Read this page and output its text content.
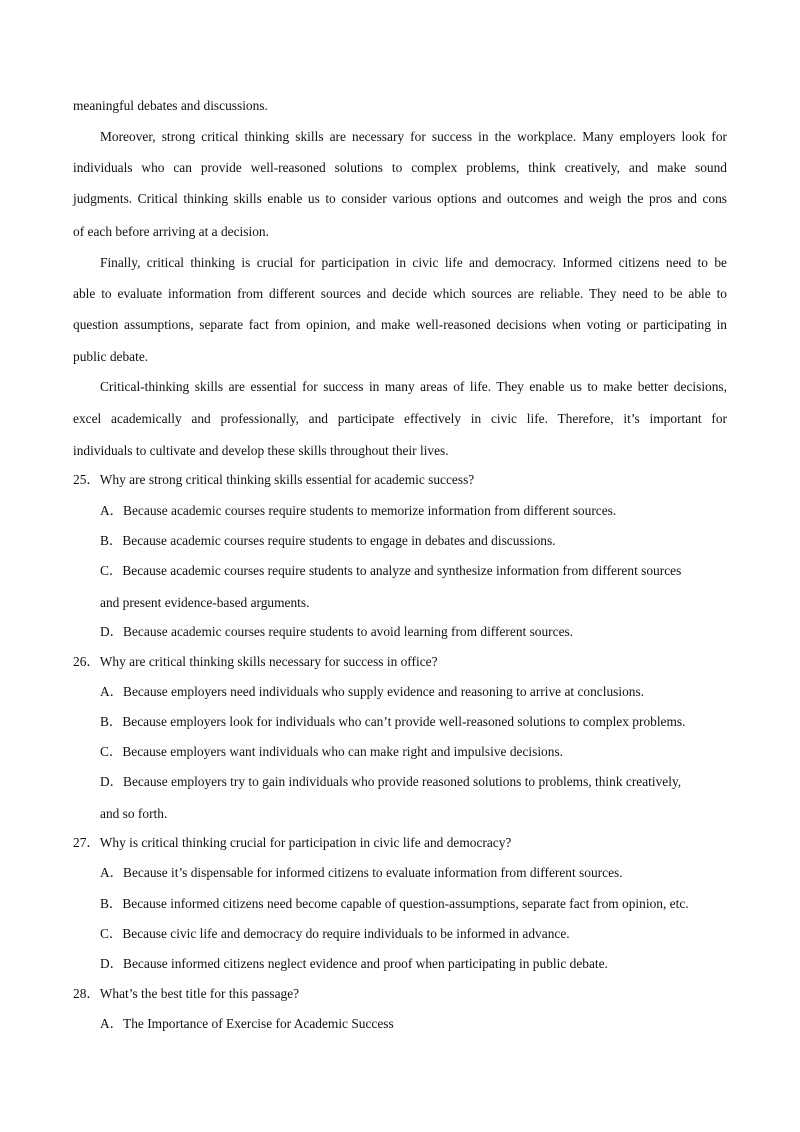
meaningful debates and discussions.
Moreover, strong critical thinking skills are necessary for success in the workplace. Many employers look for
individuals who can provide well-reasoned solutions to complex problems, think creatively, and make sound
judgments. Critical thinking skills enable us to consider various options and outcomes and weigh the pros and cons
of each before arriving at a decision.
Finally, critical thinking is crucial for participation in civic life and democracy. Informed citizens need to be
able to evaluate information from different sources and decide which sources are reliable. They need to be able to
question assumptions, separate fact from opinion, and make well-reasoned decisions when voting or participating in
public debate.
Critical-thinking skills are essential for success in many areas of life. They enable us to make better decisions,
excel academically and professionally, and participate effectively in civic life. Therefore, it’s important for
individuals to cultivate and develop these skills throughout their lives.
25．Why are strong critical thinking skills essential for academic success?
A．Because academic courses require students to memorize information from different sources.
B．Because academic courses require students to engage in debates and discussions.
C．Because academic courses require students to analyze and synthesize information from different sources
and present evidence-based arguments.
D．Because academic courses require students to avoid learning from different sources.
26．Why are critical thinking skills necessary for success in office?
A．Because employers need individuals who supply evidence and reasoning to arrive at conclusions.
B．Because employers look for individuals who can’t provide well-reasoned solutions to complex problems.
C．Because employers want individuals who can make right and impulsive decisions.
D．Because employers try to gain individuals who provide reasoned solutions to problems, think creatively,
and so forth.
27．Why is critical thinking crucial for participation in civic life and democracy?
A．Because it’s dispensable for informed citizens to evaluate information from different sources.
B．Because informed citizens need become capable of question-assumptions, separate fact from opinion, etc.
C．Because civic life and democracy do require individuals to be informed in advance.
D．Because informed citizens neglect evidence and proof when participating in public debate.
28．What’s the best title for this passage?
A．The Importance of Exercise for Academic Success
